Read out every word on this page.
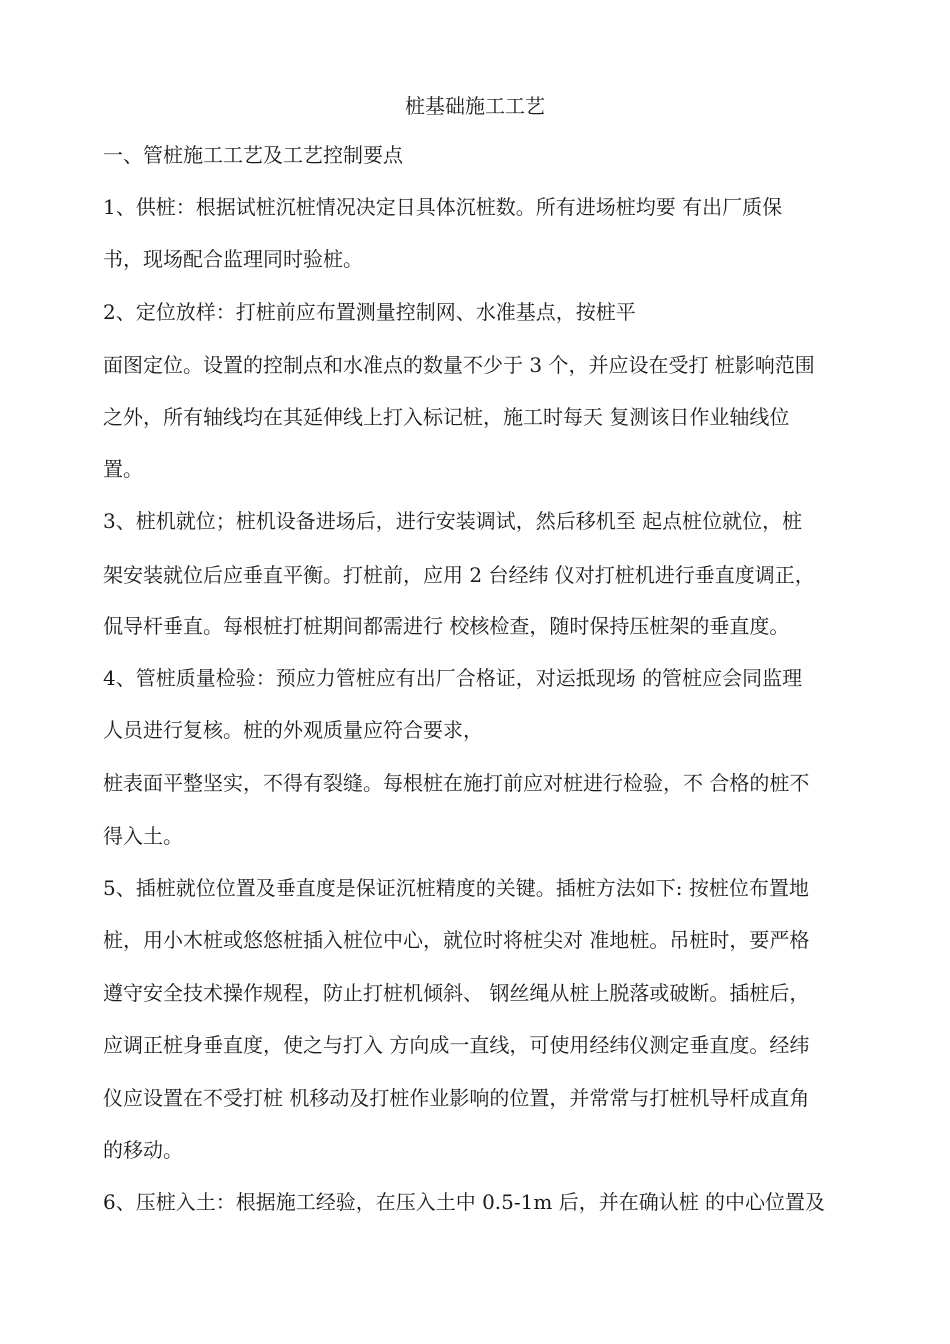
桩基础施工工艺
一、管桩施工工艺及工艺控制要点
1、供桩：根据试桩沉桩情况决定日具体沉桩数。所有进场桩均要 有出厂质保
书，现场配合监理同时验桩。
2、定位放样：打桩前应布置测量控制网、水准基点，按桩平
面图定位。设置的控制点和水准点的数量不少于 3 个，并应设在受打 桩影响范围
之外，所有轴线均在其延伸线上打入标记桩，施工时每天 复测该日作业轴线位
置。
3、桩机就位；桩机设备进场后，进行安装调试，然后移机至 起点桩位就位，桩
架安装就位后应垂直平衡。打桩前，应用 2 台经纬 仪对打桩机进行垂直度调正，
侃导杆垂直。每根桩打桩期间都需进行 校核检查，随时保持压桩架的垂直度。
4、管桩质量检验：预应力管桩应有出厂合格证，对运抵现场 的管桩应会同监理
人员进行复核。桩的外观质量应符合要求，
桩表面平整坚实，不得有裂缝。每根桩在施打前应对桩进行检验，不 合格的桩不
得入土。
5、插桩就位位置及垂直度是保证沉桩精度的关键。插桩方法如下: 按桩位布置地
桩，用小木桩或悠悠桩插入桩位中心，就位时将桩尖对 准地桩。吊桩时，要严格
遵守安全技术操作规程，防止打桩机倾斜、 钢丝绳从桩上脱落或破断。插桩后，
应调正桩身垂直度，使之与打入 方向成一直线，可使用经纬仪测定垂直度。经纬
仪应设置在不受打桩 机移动及打桩作业影响的位置，并常常与打桩机导杆成直角
的移动。
6、压桩入土：根据施工经验，在压入土中 0.5-1m 后，并在确认桩 的中心位置及
